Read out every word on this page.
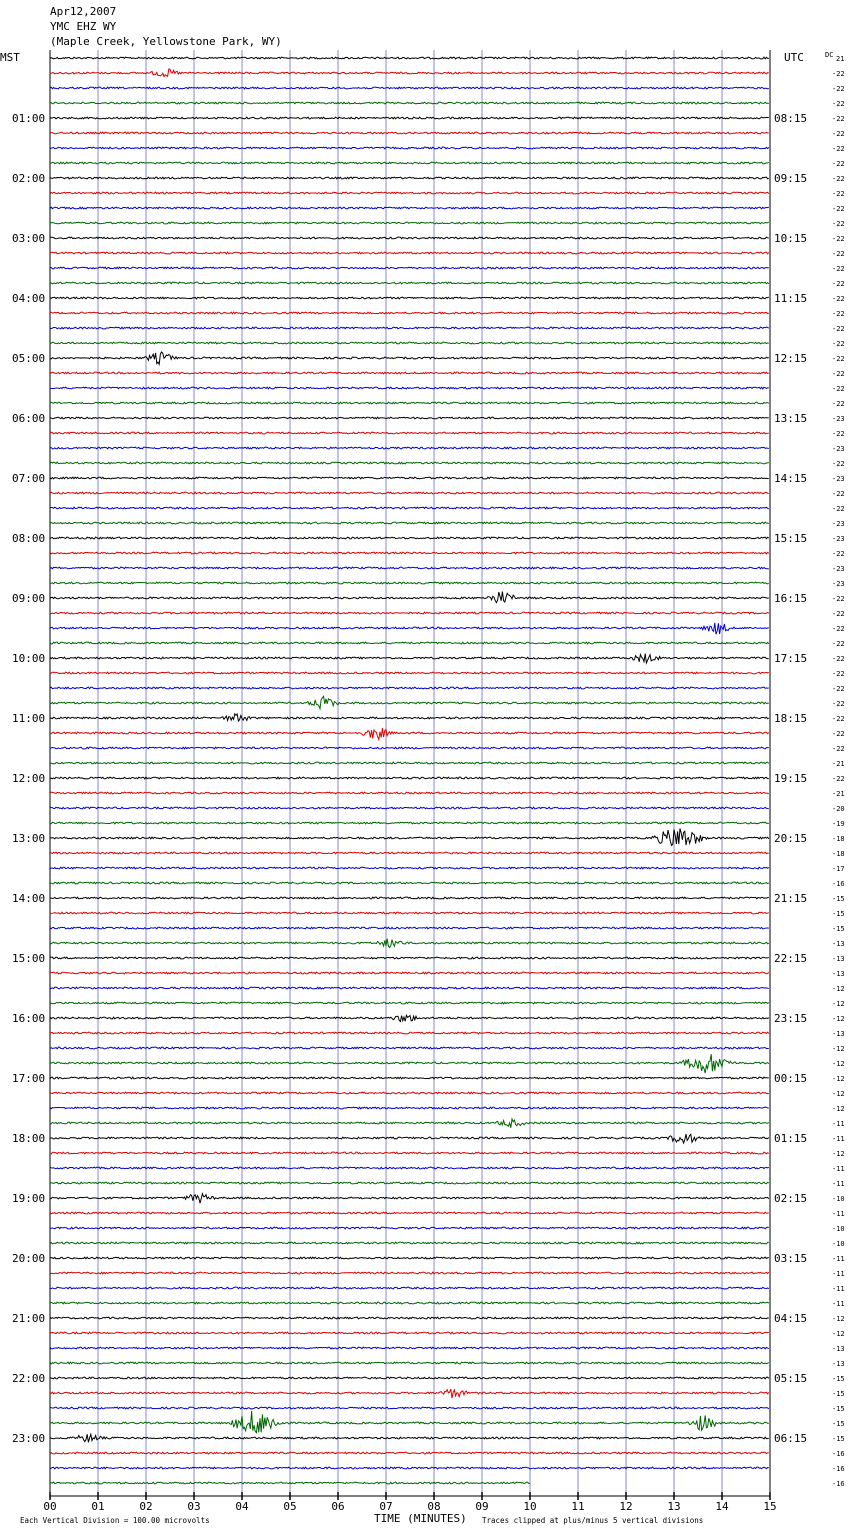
Apr12,2007
YMC EHZ WY
(Maple Creek, Yellowstone Park, WY)
MST	UTC	DC
01:00
02:00
03:00
04:00
05:00
06:00
07:00
08:00
09:00
10:00
11:00
12:00
13:00
14:00
15:00
16:00
17:00
18:00
19:00
20:00
21:00
22:00
23:00
08:15
09:15
10:15
11:15
12:15
13:15
14:15
15:15
16:15
17:15
18:15
19:15
20:15
21:15
22:15
23:15
00:15
01:15
02:15
03:15
04:15
05:15
06:15
21
-22
-22
-22
-22
-22
-22
-22
-22
-22
-22
-22
-22
-22
-22
-22
-22
-22
-22
-22
-22
-22
-22
-22
-23
-22
-23
-22
-23
-22
-22
-23
-23
-22
-23
-23
-22
-22
-22
-22
-22
-22
-22
-22
-22
-22
-22
-21
-22
-21
-20
-19
-18
-18
-17
-16
-15
-15
-15
-13
-13
-13
-12
-12
-12
-13
-12
-12
-12
-12
-12
-11
-11
-12
-11
-11
-10
-11
-10
-10
-11
-11
-11
-11
-12
-12
-13
-13
-15
-15
-15
-15
-15
-16
-16
-16
00	01	02	03	04	05	06	07	08	09	10	11	12	13	14	15
TIME (MINUTES)
Each Vertical Division = 100.00 microvolts	Traces clipped at plus/minus 5 vertical divisions
